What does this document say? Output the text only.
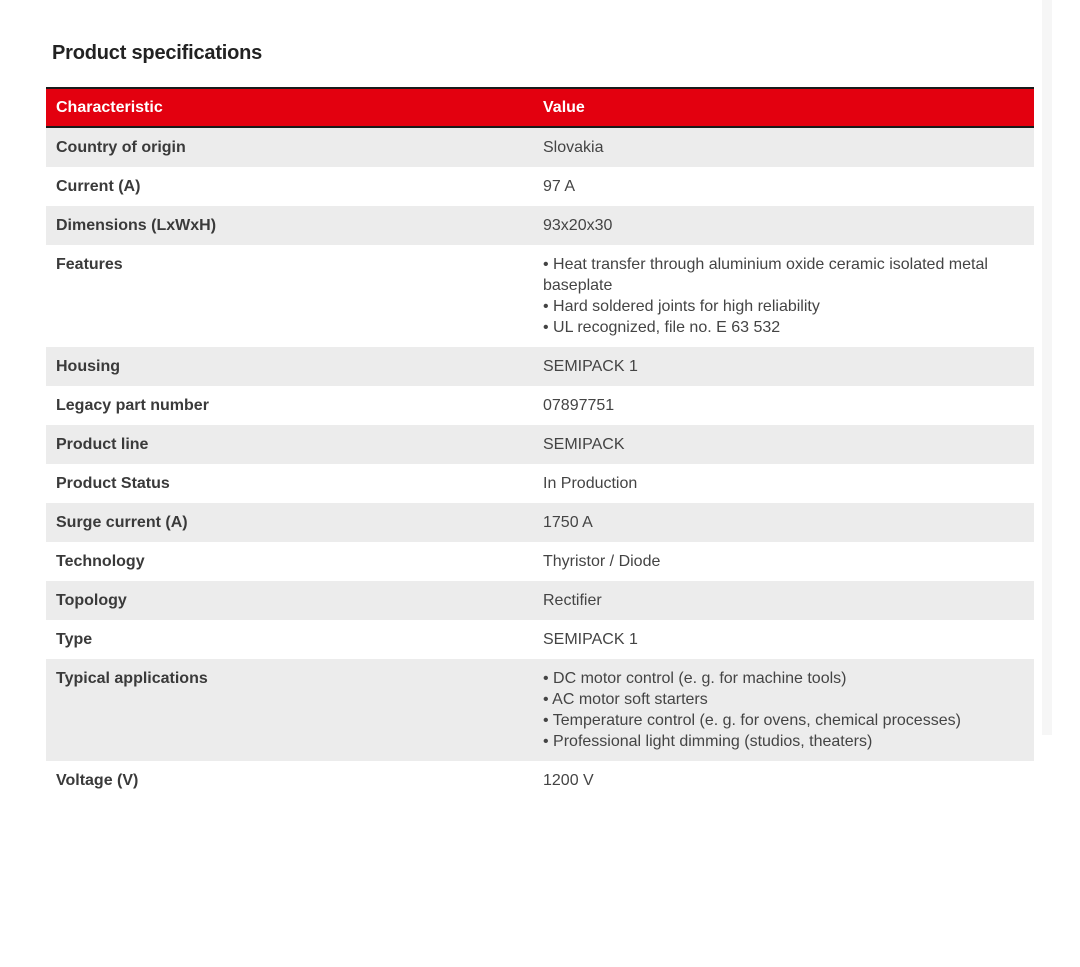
Product specifications
Characteristic	Value
Country of origin	Slovakia

Current (A)	97 A

Dimensions (LxWxH)	93x20x30

Features	• Heat transfer through aluminium oxide ceramic isolated metal baseplate
• Hard soldered joints for high reliability
• UL recognized, file no. E 63 532

Housing	SEMIPACK 1

Legacy part number	07897751

Product line	SEMIPACK

Product Status	In Production

Surge current (A)	1750 A

Technology	Thyristor / Diode

Topology	Rectifier

Type	SEMIPACK 1

Typical applications	• DC motor control (e. g. for machine tools)
• AC motor soft starters
• Temperature control (e. g. for ovens, chemical processes)
• Professional light dimming (studios, theaters)

Voltage (V)	1200 V
